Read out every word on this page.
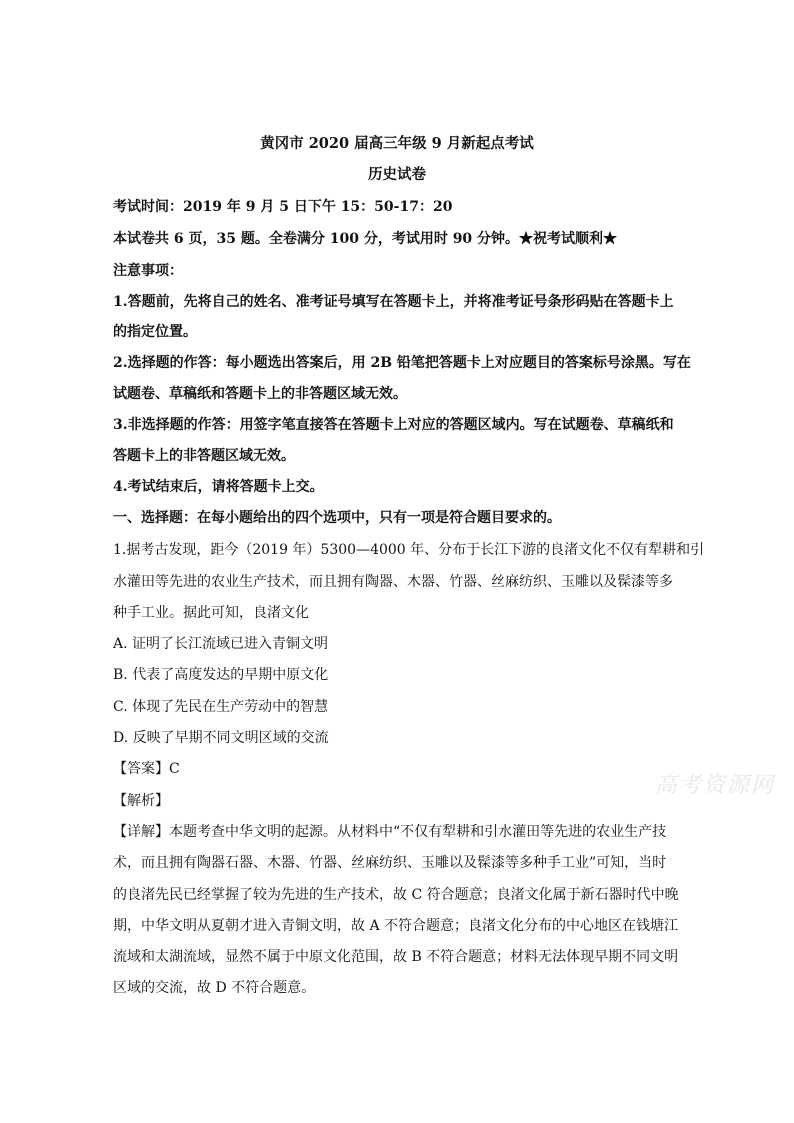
黄冈市 2020 届高三年级 9 月新起点考试
历史试卷
考试时间：2019 年 9 月 5 日下午 15：50-17：20
本试卷共 6 页，35 题。全卷满分 100 分，考试用时 90 分钟。★祝考试顺利★
注意事项：
1.答题前，先将自己的姓名、准考证号填写在答题卡上，并将准考证号条形码贴在答题卡上
的指定位置。
2.选择题的作答：每小题选出答案后，用 2B 铅笔把答题卡上对应题目的答案标号涂黑。写在
试题卷、草稿纸和答题卡上的非答题区域无效。
3.非选择题的作答：用签字笔直接答在答题卡上对应的答题区域内。写在试题卷、草稿纸和
答题卡上的非答题区域无效。
4.考试结束后，请将答题卡上交。
一、选择题：在每小题给出的四个选项中，只有一项是符合题目要求的。
1.据考古发现，距今（2019 年）5300—4000 年、分布于长江下游的良渚文化不仅有犁耕和引
水灌田等先进的农业生产技术，而且拥有陶器、木器、竹器、丝麻纺织、玉雕以及髹漆等多
种手工业。据此可知，良渚文化
A. 证明了长江流域已进入青铜文明
B. 代表了高度发达的早期中原文化
C. 体现了先民在生产劳动中的智慧
D. 反映了早期不同文明区域的交流
【答案】C
【解析】
【详解】本题考查中华文明的起源。从材料中“不仅有犁耕和引水灌田等先进的农业生产技
术，而且拥有陶器石器、木器、竹器、丝麻纺织、玉雕以及髹漆等多种手工业”可知，当时
的良渚先民已经掌握了较为先进的生产技术，故 C 符合题意；良渚文化属于新石器时代中晚
期，中华文明从夏朝才进入青铜文明，故 A 不符合题意；良渚文化分布的中心地区在钱塘江
流域和太湖流域，显然不属于中原文化范围，故 B 不符合题意；材料无法体现早期不同文明
区域的交流，故 D 不符合题意。
高考资源网
